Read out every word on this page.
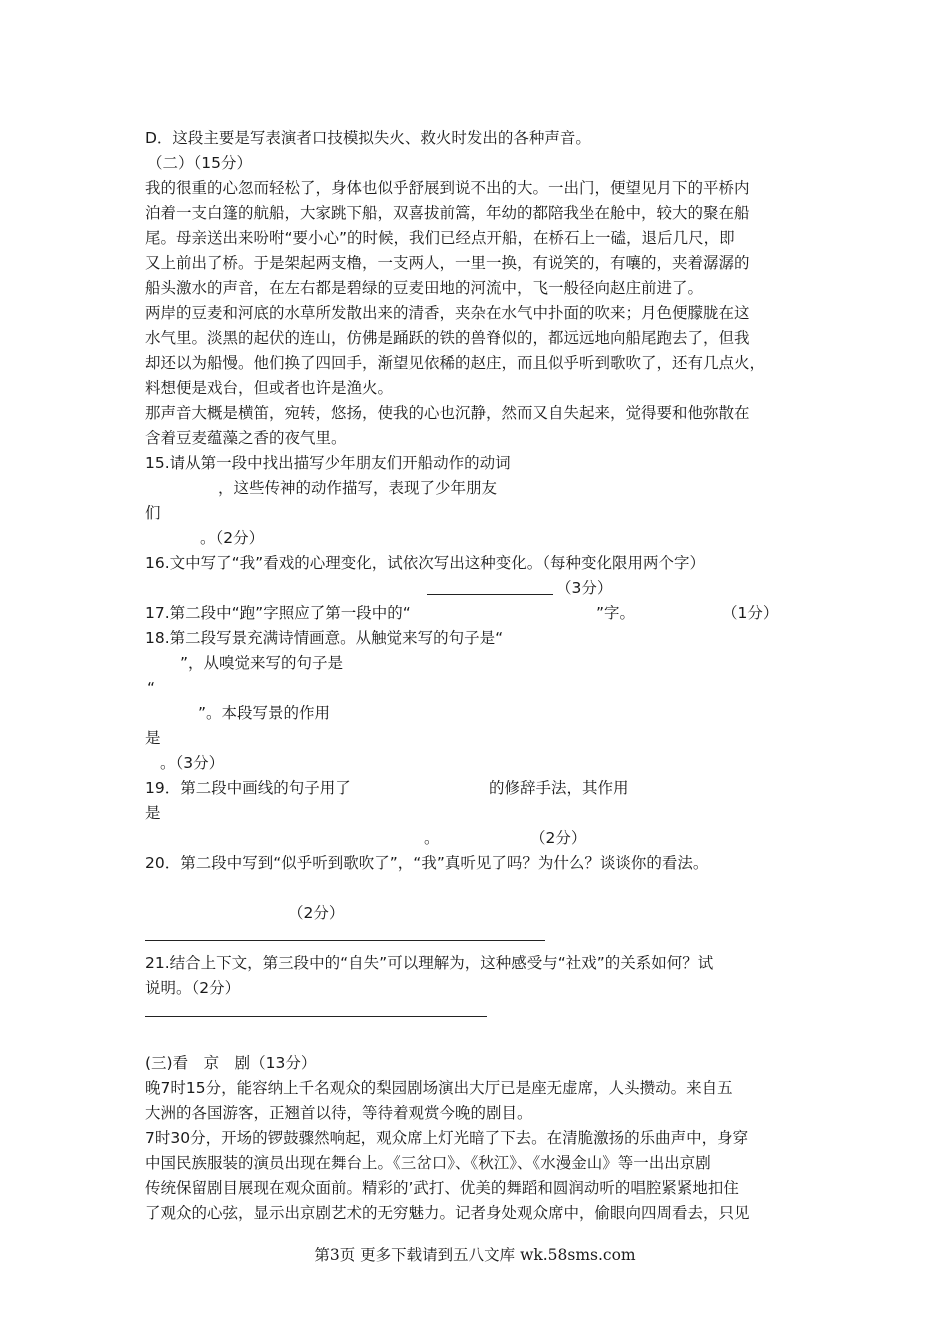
D．这段主要是写表演者口技模拟失火、救火时发出的各种声音。
（二）（15分）
我的很重的心忽而轻松了，身体也似乎舒展到说不出的大。一出门，便望见月下的平桥内
泊着一支白篷的航船，大家跳下船，双喜拔前篙，年幼的都陪我坐在舱中，较大的聚在船
尾。母亲送出来吩咐“要小心”的时候，我们已经点开船，在桥石上一磕，退后几尺，即
又上前出了桥。于是架起两支橹，一支两人，一里一换，有说笑的，有嚷的，夹着潺潺的
船头激水的声音，在左右都是碧绿的豆麦田地的河流中，飞一般径向赵庄前进了。
两岸的豆麦和河底的水草所发散出来的清香，夹杂在水气中扑面的吹来；月色便朦胧在这
水气里。淡黑的起伏的连山，仿佛是踊跃的铁的兽脊似的，都远远地向船尾跑去了，但我
却还以为船慢。他们换了四回手，渐望见依稀的赵庄，而且似乎听到歌吹了，还有几点火，
料想便是戏台，但或者也许是渔火。
那声音大概是横笛，宛转，悠扬，使我的心也沉静，然而又自失起来，觉得要和他弥散在
含着豆麦蕴藻之香的夜气里。
15.请从第一段中找出描写少年朋友们开船动作的动词
，这些传神的动作描写，表现了少年朋友
们
。（2分）
16.文中写了“我”看戏的心理变化，试依次写出这种变化。（每种变化限用两个字）
（3分）
17.第二段中“跑”字照应了第一段中的“	”字。	（1分）
18.第二段写景充满诗情画意。从触觉来写的句子是“
”，从嗅觉来写的句子是
“
”。本段写景的作用
是
。（3分）
19．第二段中画线的句子用了	的修辞手法，其作用
是
。	（2分）
20．第二段中写到“似乎听到歌吹了”，“我”真听见了吗？为什么？谈谈你的看法。
（2分）
21.结合上下文，第三段中的“自失”可以理解为，这种感受与“社戏”的关系如何？试
说明。（2分）
(三)看　京　剧（13分）
晚7时15分，能容纳上千名观众的梨园剧场演出大厅已是座无虚席，人头攒动。来自五
大洲的各国游客，正翘首以待，等待着观赏今晚的剧目。
7时30分，开场的锣鼓骤然响起，观众席上灯光暗了下去。在清脆激扬的乐曲声中，身穿
中国民族服装的演员出现在舞台上。《三岔口》、《秋江》、《水漫金山》等一出出京剧
传统保留剧目展现在观众面前。精彩的’武打、优美的舞蹈和圆润动听的唱腔紧紧地扣住
了观众的心弦，显示出京剧艺术的无穷魅力。记者身处观众席中，偷眼向四周看去，只见
第3页 更多下载请到五八文库 wk.58sms.com
